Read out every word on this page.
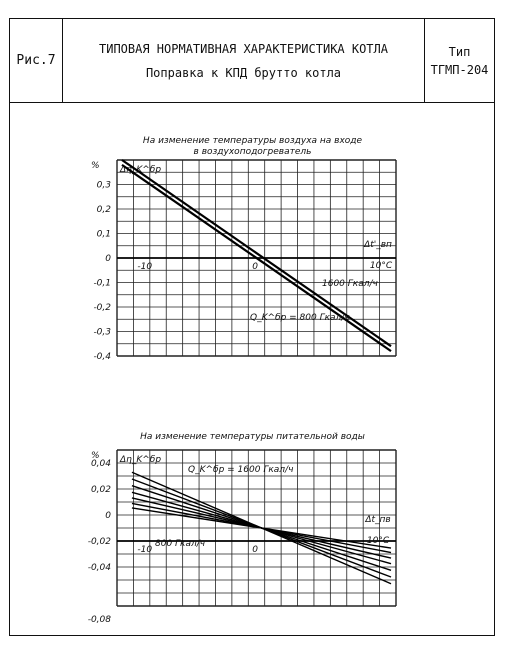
Рис.7
ТИПОВАЯ НОРМАТИВНАЯ ХАРАКТЕРИСТИКА КОТЛА
Поправка к КПД брутто котла
Тип
ТГМП-204
На изменение температуры воздуха на входе
в воздухоподогреватель
На изменение температуры питательной воды
0,3
0,2
0,1
0
-0,1
-0,2
-0,3
-0,4
% Δη_K^бр
-10	0
Δt'_вп
10°C
1600 Гкал/ч
Q_K^бр = 800 Гкал/ч
0,04
0,02
0
-0,02
-0,04
-0,08
% Δη_K^бр
-10	0
Δt_пв
10°C
Q_K^бр = 1600 Гкал/ч
800 Гкал/ч
